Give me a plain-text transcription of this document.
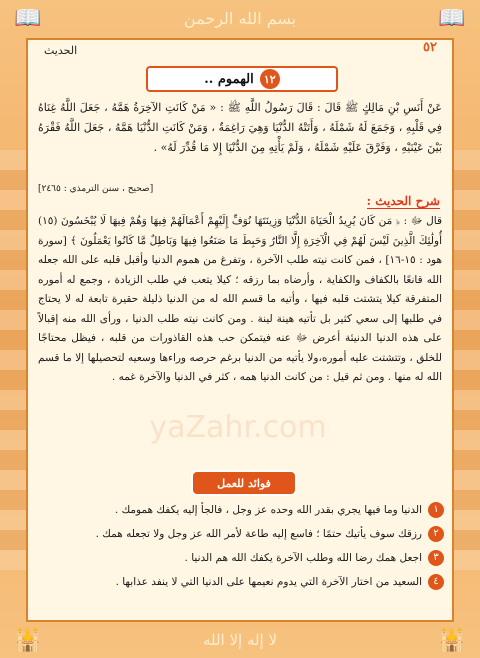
بسم الله الرحمن
📖	📖
🕌	🕌
لا إله إلا الله
٥٢
الحديث
١٢
الهموم ..
عَنْ أَنَسِ بْنِ مَالِكٍ ﷺ قَالَ : قَالَ رَسُولُ اللَّهِ ﷺ : « مَنْ كَانَتِ الآخِرَةُ هَمَّهُ ، جَعَلَ اللَّهُ غِنَاهُ فِي قَلْبِهِ ، وَجَمَعَ لَهُ شَمْلَهُ ، وَأَتَتْهُ الدُّنْيَا وَهِيَ رَاغِمَةٌ ، وَمَنْ كَانَتِ الدُّنْيَا هَمَّهُ ، جَعَلَ اللَّهُ فَقْرَهُ بَيْنَ عَيْنَيْهِ ، وَفَرَّقَ عَلَيْهِ شَمْلَهُ ، وَلَمْ يَأْتِهِ مِنَ الدُّنْيَا إِلا مَا قُدِّرَ لَهُ» .
[صحيح ، سنن الترمذي : ٢٤٦٥]
شرح الحديث :
قال ﷻ : ﴿ مَن كَانَ يُرِيدُ الْحَيَاةَ الدُّنْيَا وَزِينَتَهَا نُوَفِّ إِلَيْهِمْ أَعْمَالَهُمْ فِيهَا وَهُمْ فِيهَا لَا يُبْخَسُونَ (١٥) أُولَٰئِكَ الَّذِينَ لَيْسَ لَهُمْ فِي الْآخِرَةِ إِلَّا النَّارُ وَحَبِطَ مَا صَنَعُوا فِيهَا وَبَاطِلٌ مَّا كَانُوا يَعْمَلُونَ ﴾ [سورة هود : ١٥-١٦] ، فمن كانت نيته طلب الآخرة ، وتفرغ من هموم الدنيا وأقبل قلبه على الله جعله الله قانعًا بالكفاف والكفاية ، وأرضاه بما رزقه ؛ كيلا يتعب في طلب الزيادة ، وجمع له أموره المتفرقة كيلا يتشتت قلبه فيها ، وأتيه ما قسم الله له من الدنيا ذليلة حقيرة تابعة له لا يحتاج في طلبها إلى سعي كثير بل تأتيه هينة لينة . ومن كانت نيته طلب الدنيا ، ورأى الله منه إقبالاً على هذه الدنيا الدنيئة أعرض ﷻ عنه فيتمكن حب هذه القاذورات من قلبه ، فيظل محتاجًا للخلق ، وتتشتت عليه أموره،ولا يأتيه من الدنيا برغم حرصه وراءها وسعيه لتحصيلها إلا ما قسم الله له منها . ومن ثم قيل : من كانت الدنيا همه ، كثر في الدنيا والآخرة غمه .
yaZahr.com
فوائد للعمل
١
الدنيا وما فيها يجري بقدر الله وحده عز وجل ، فالجأ إليه يكفك همومك .
٢
رزقك سوف يأتيك حتمًا ؛ فاسع إليه طاعة لأمر الله عز وجل ولا تجعله همك .
٣
اجعل همك رضا الله وطلب الآخرة يكفك الله هم الدنيا .
٤
السعيد من اختار الآخرة التي يدوم نعيمها على الدنيا التي لا ينفد عذابها .
